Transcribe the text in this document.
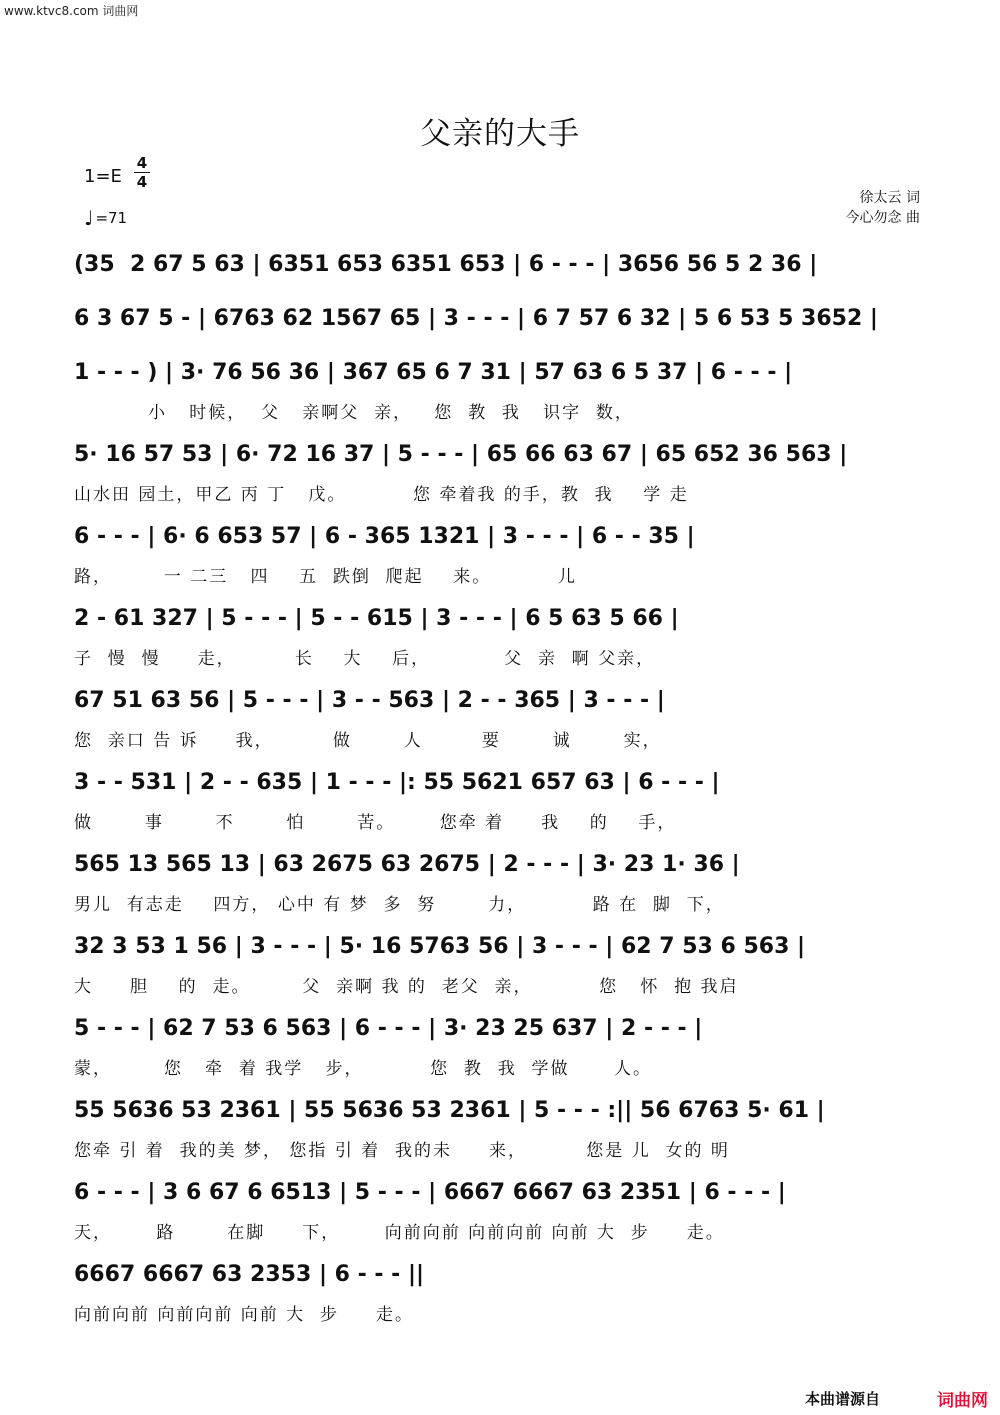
www.ktvc8.com 词曲网
父亲的大手
1=E
4
4
♩ =71
徐太云 词
今心勿念 曲
(35  2 67 5 63 | 6351 653 6351 653 | 6 - - - | 3656 56 5 2 36 |
6 3 67 5 - | 6763 62 1567 65 | 3 - - - | 6 7 57 6 32 | 5 6 53 5 3652 |
1 - - - ) | 3· 76 56 36 | 367 65 6 7 31 | 57 63 6 5 37 | 6 - - - |
小   时候，  父   亲啊父  亲，   您  教  我   识字  数，
5· 16 57 53 | 6· 72 16 37 | 5 - - - | 65 66 63 67 | 65 652 36 563 |
山水田 园土，甲乙 丙 丁   戊。         您 牵着我 的手，教  我    学 走
6 - - - | 6· 6 653 57 | 6 - 365 1321 | 3 - - - | 6 - - 35 |
路，       一 二三   四    五  跌倒  爬起    来。         儿
2 - 61 327 | 5 - - - | 5 - - 615 | 3 - - - | 6 5 63 5 66 |
子  慢  慢     走，        长    大    后，          父  亲  啊 父亲，
67 51 63 56 | 5 - - - | 3 - - 563 | 2 - - 365 | 3 - - - |
您  亲口 告 诉     我，        做       人        要       诚       实，
3 - - 531 | 2 - - 635 | 1 - - - |: 55 5621 657 63 | 6 - - - |
做       事       不       怕       苦。      您牵 着     我    的    手，
565 13 565 13 | 63 2675 63 2675 | 2 - - - | 3· 23 1· 36 |
男儿  有志走    四方， 心中 有 梦  多  努       力，         路 在  脚  下，
32 3 53 1 56 | 3 - - - | 5· 16 5763 56 | 3 - - - | 62 7 53 6 563 |
大     胆    的  走。       父  亲啊 我 的  老父  亲，         您   怀  抱 我启
5 - - - | 62 7 53 6 563 | 6 - - - | 3· 23 25 637 | 2 - - - |
蒙，       您   牵  着 我学   步，         您  教  我  学做      人。
55 5636 53 2361 | 55 5636 53 2361 | 5 - - - :|| 56 6763 5· 61 |
您牵 引 着  我的美 梦， 您指 引 着  我的未     来，        您是 儿  女的 明
6 - - - | 3 6 67 6 6513 | 5 - - - | 6667 6667 63 2351 | 6 - - - |
天，      路       在脚     下，      向前向前 向前向前 向前 大  步     走。
6667 6667 63 2353 | 6 - - - ||
向前向前 向前向前 向前 大  步     走。
本曲谱源自	词曲网
